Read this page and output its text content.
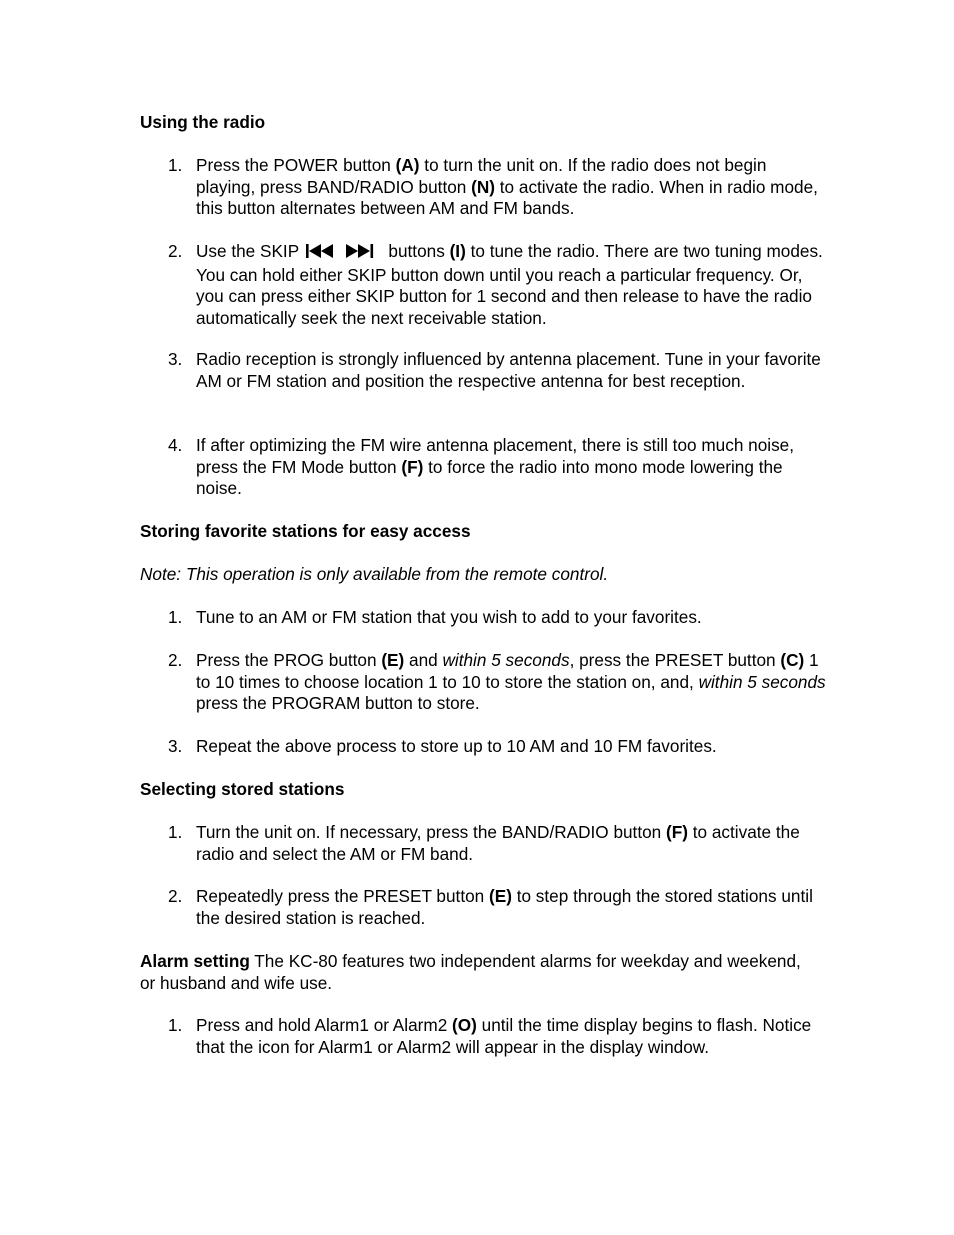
Using the radio
1. Press the POWER button (A) to turn the unit on. If the radio does not begin playing, press BAND/RADIO button (N) to activate the radio. When in radio mode, this button alternates between AM and FM bands.
2. Use the SKIP	buttons (I) to tune the radio. There are two tuning modes. You can hold either SKIP button down until you reach a particular frequency. Or, you can press either SKIP button for 1 second and then release to have the radio automatically seek the next receivable station.
3. Radio reception is strongly influenced by antenna placement. Tune in your favorite AM or FM station and position the respective antenna for best reception.
4. If after optimizing the FM wire antenna placement, there is still too much noise, press the FM Mode button (F) to force the radio into mono mode lowering the noise.
Storing favorite stations for easy access
Note: This operation is only available from the remote control.
1. Tune to an AM or FM station that you wish to add to your favorites.
2. Press the PROG button (E) and within 5 seconds, press the PRESET button (C) 1 to 10 times to choose location 1 to 10 to store the station on, and, within 5 seconds press the PROGRAM button to store.
3. Repeat the above process to store up to 10 AM and 10 FM favorites.
Selecting stored stations
1. Turn the unit on. If necessary, press the BAND/RADIO button (F) to activate the radio and select the AM or FM band.
2. Repeatedly press the PRESET button (E) to step through the stored stations until the desired station is reached.
Alarm setting The KC-80 features two independent alarms for weekday and weekend, or husband and wife use.
1. Press and hold Alarm1 or Alarm2 (O) until the time display begins to flash. Notice that the icon for Alarm1 or Alarm2 will appear in the display window.
